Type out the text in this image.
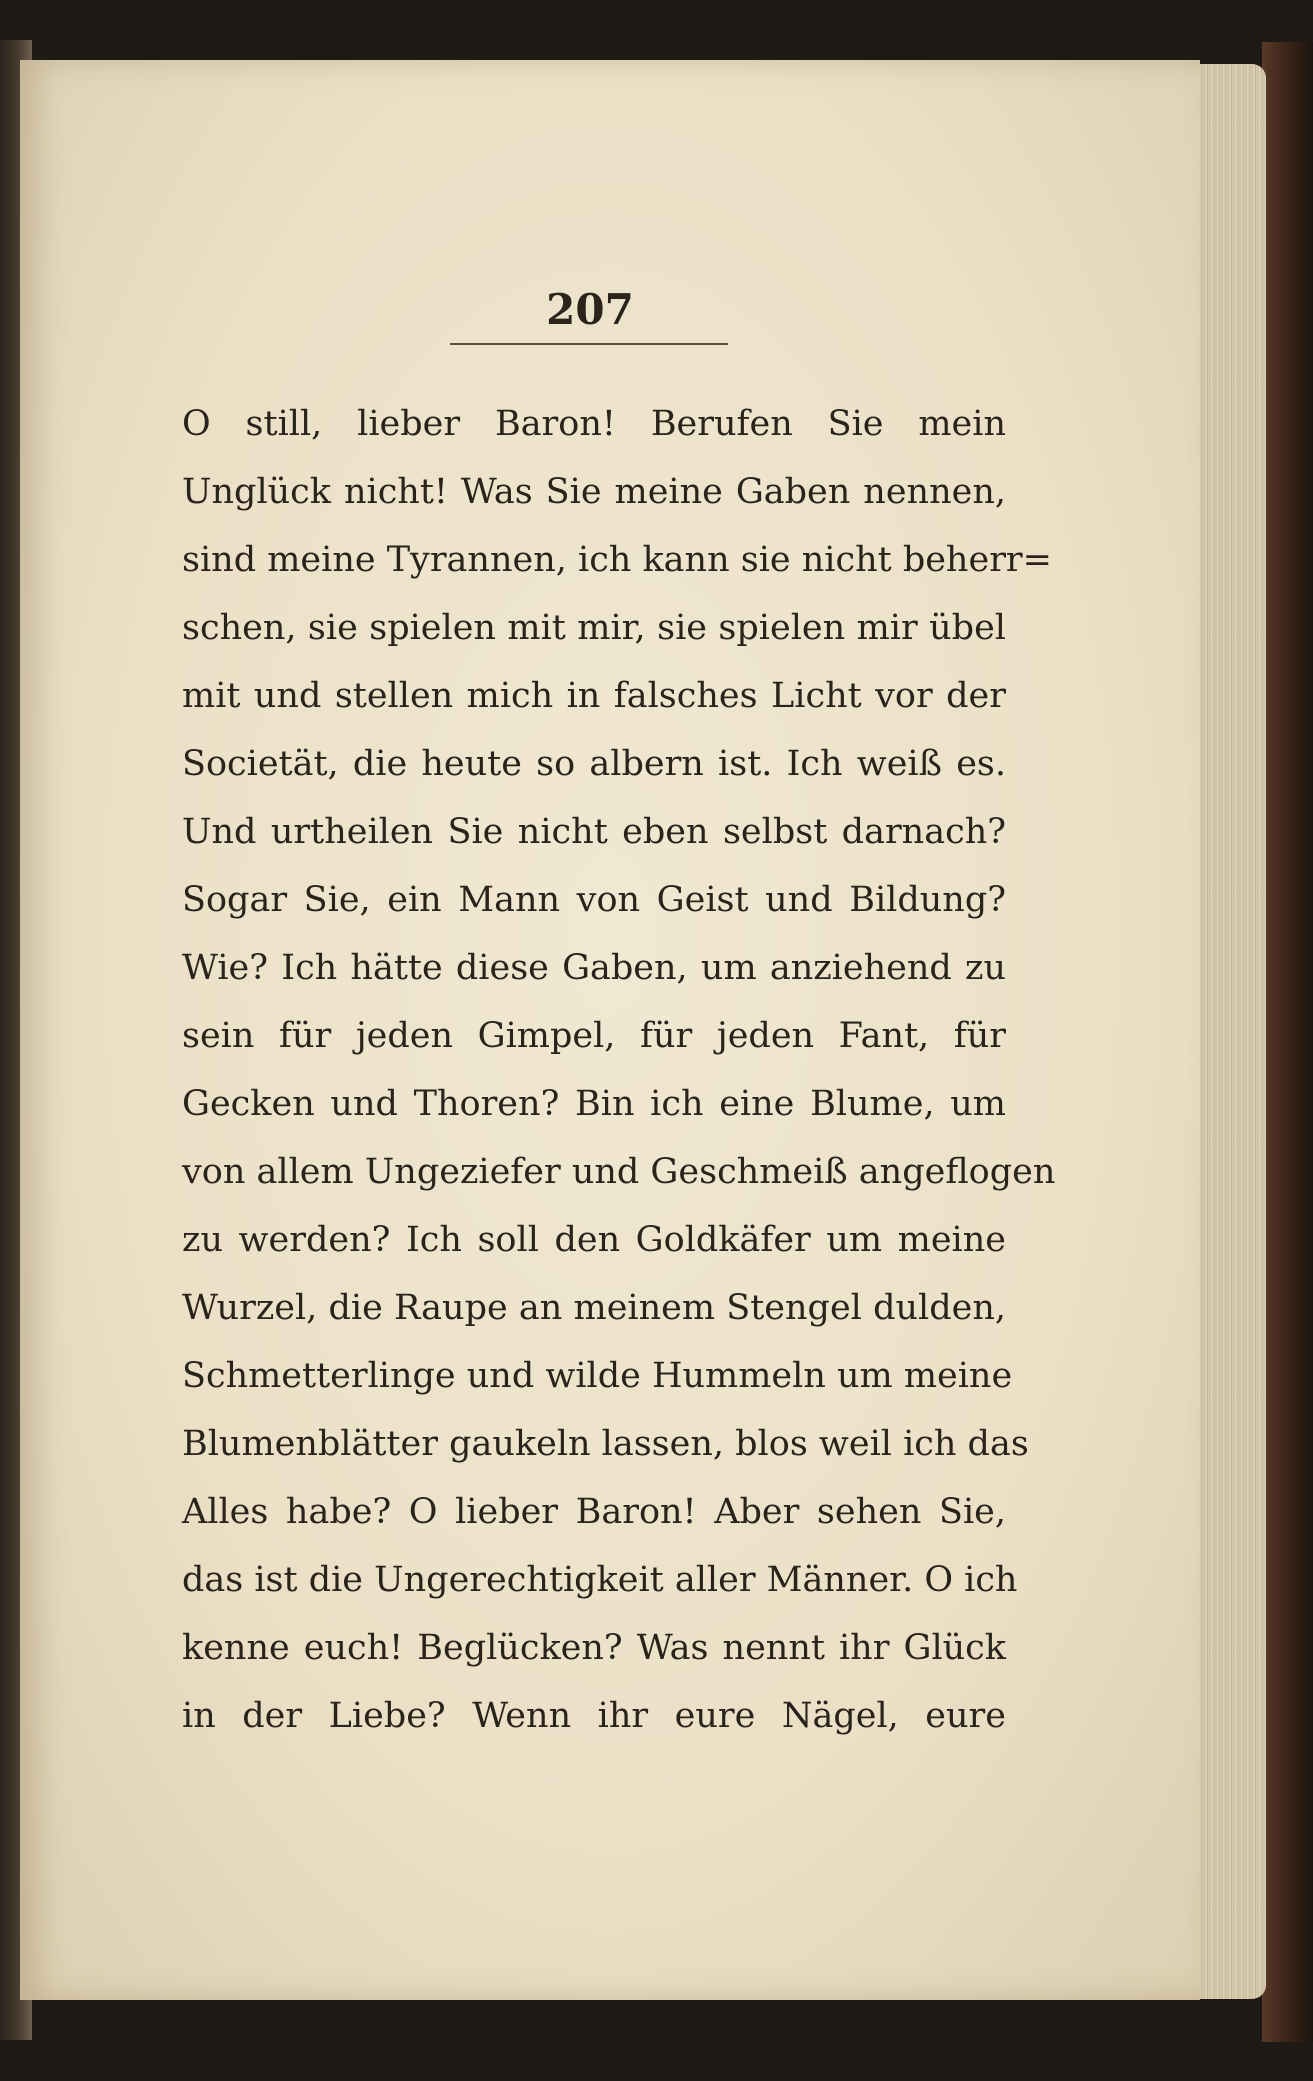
207
O still, lieber Baron! Berufen Sie mein
Unglück nicht! Was Sie meine Gaben nennen,
sind meine Tyrannen, ich kann sie nicht beherr=
schen, sie spielen mit mir, sie spielen mir übel
mit und stellen mich in falsches Licht vor der
Societät, die heute so albern ist. Ich weiß es.
Und urtheilen Sie nicht eben selbst darnach?
Sogar Sie, ein Mann von Geist und Bildung?
Wie? Ich hätte diese Gaben, um anziehend zu
sein für jeden Gimpel, für jeden Fant, für
Gecken und Thoren? Bin ich eine Blume, um
von allem Ungeziefer und Geschmeiß angeflogen
zu werden? Ich soll den Goldkäfer um meine
Wurzel, die Raupe an meinem Stengel dulden,
Schmetterlinge und wilde Hummeln um meine
Blumenblätter gaukeln lassen, blos weil ich das
Alles habe? O lieber Baron! Aber sehen Sie,
das ist die Ungerechtigkeit aller Männer. O ich
kenne euch! Beglücken? Was nennt ihr Glück
in der Liebe? Wenn ihr eure Nägel, eure
